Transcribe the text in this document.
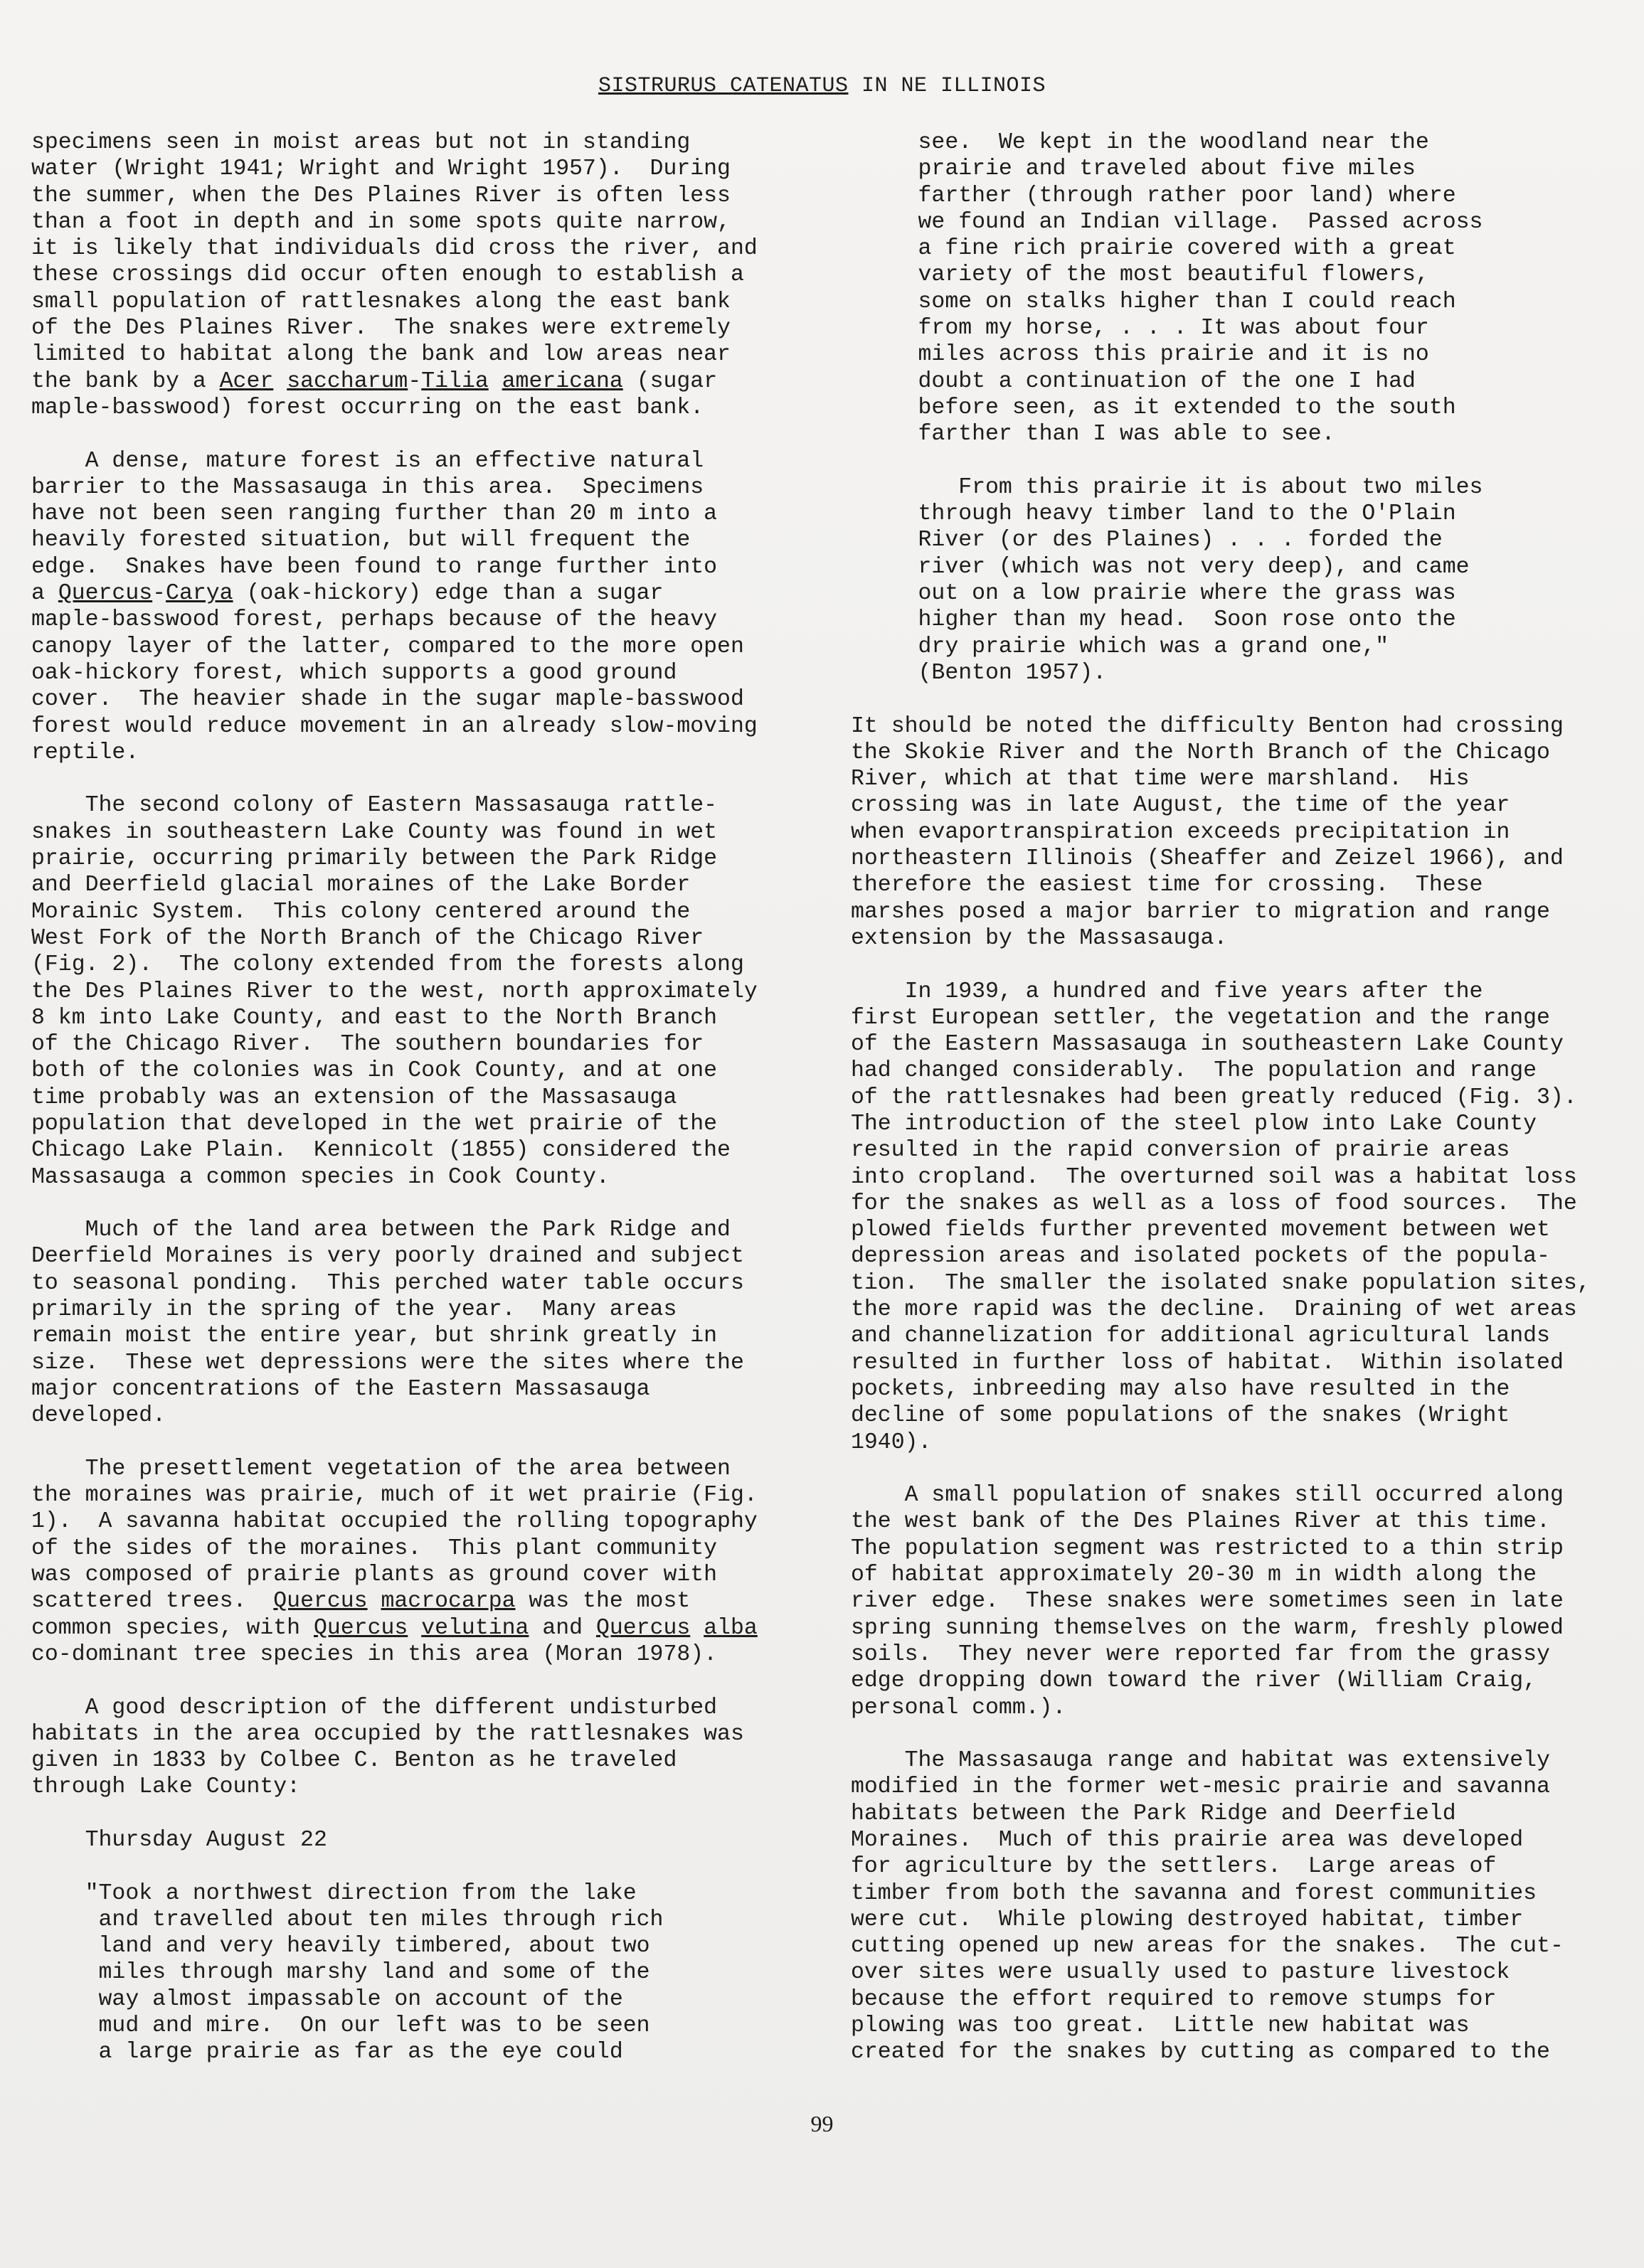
SISTRURUS CATENATUS IN NE ILLINOIS
specimens seen in moist areas but not in standing
water (Wright 1941; Wright and Wright 1957).  During
the summer, when the Des Plaines River is often less
than a foot in depth and in some spots quite narrow,
it is likely that individuals did cross the river, and
these crossings did occur often enough to establish a
small population of rattlesnakes along the east bank
of the Des Plaines River.  The snakes were extremely
limited to habitat along the bank and low areas near
the bank by a Acer saccharum-Tilia americana (sugar
maple-basswood) forest occurring on the east bank.
A dense, mature forest is an effective natural
barrier to the Massasauga in this area.  Specimens
have not been seen ranging further than 20 m into a
heavily forested situation, but will frequent the
edge.  Snakes have been found to range further into
a Quercus-Carya (oak-hickory) edge than a sugar
maple-basswood forest, perhaps because of the heavy
canopy layer of the latter, compared to the more open
oak-hickory forest, which supports a good ground
cover.  The heavier shade in the sugar maple-basswood
forest would reduce movement in an already slow-moving
reptile.
The second colony of Eastern Massasauga rattle-
snakes in southeastern Lake County was found in wet
prairie, occurring primarily between the Park Ridge
and Deerfield glacial moraines of the Lake Border
Morainic System.  This colony centered around the
West Fork of the North Branch of the Chicago River
(Fig. 2).  The colony extended from the forests along
the Des Plaines River to the west, north approximately
8 km into Lake County, and east to the North Branch
of the Chicago River.  The southern boundaries for
both of the colonies was in Cook County, and at one
time probably was an extension of the Massasauga
population that developed in the wet prairie of the
Chicago Lake Plain.  Kennicolt (1855) considered the
Massasauga a common species in Cook County.
Much of the land area between the Park Ridge and
Deerfield Moraines is very poorly drained and subject
to seasonal ponding.  This perched water table occurs
primarily in the spring of the year.  Many areas
remain moist the entire year, but shrink greatly in
size.  These wet depressions were the sites where the
major concentrations of the Eastern Massasauga
developed.
The presettlement vegetation of the area between
the moraines was prairie, much of it wet prairie (Fig.
1).  A savanna habitat occupied the rolling topography
of the sides of the moraines.  This plant community
was composed of prairie plants as ground cover with
scattered trees.  Quercus macrocarpa was the most
common species, with Quercus velutina and Quercus alba
co-dominant tree species in this area (Moran 1978).
A good description of the different undisturbed
habitats in the area occupied by the rattlesnakes was
given in 1833 by Colbee C. Benton as he traveled
through Lake County:
Thursday August 22
"Took a northwest direction from the lake
and travelled about ten miles through rich
land and very heavily timbered, about two
miles through marshy land and some of the
way almost impassable on account of the
mud and mire.  On our left was to be seen
a large prairie as far as the eye could
see.  We kept in the woodland near the
prairie and traveled about five miles
farther (through rather poor land) where
we found an Indian village.  Passed across
a fine rich prairie covered with a great
variety of the most beautiful flowers,
some on stalks higher than I could reach
from my horse, . . . It was about four
miles across this prairie and it is no
doubt a continuation of the one I had
before seen, as it extended to the south
farther than I was able to see.
From this prairie it is about two miles
through heavy timber land to the O'Plain
River (or des Plaines) . . . forded the
river (which was not very deep), and came
out on a low prairie where the grass was
higher than my head.  Soon rose onto the
dry prairie which was a grand one,"
(Benton 1957).
It should be noted the difficulty Benton had crossing
the Skokie River and the North Branch of the Chicago
River, which at that time were marshland.  His
crossing was in late August, the time of the year
when evaportranspiration exceeds precipitation in
northeastern Illinois (Sheaffer and Zeizel 1966), and
therefore the easiest time for crossing.  These
marshes posed a major barrier to migration and range
extension by the Massasauga.
In 1939, a hundred and five years after the
first European settler, the vegetation and the range
of the Eastern Massasauga in southeastern Lake County
had changed considerably.  The population and range
of the rattlesnakes had been greatly reduced (Fig. 3).
The introduction of the steel plow into Lake County
resulted in the rapid conversion of prairie areas
into cropland.  The overturned soil was a habitat loss
for the snakes as well as a loss of food sources.  The
plowed fields further prevented movement between wet
depression areas and isolated pockets of the popula-
tion.  The smaller the isolated snake population sites,
the more rapid was the decline.  Draining of wet areas
and channelization for additional agricultural lands
resulted in further loss of habitat.  Within isolated
pockets, inbreeding may also have resulted in the
decline of some populations of the snakes (Wright
1940).
A small population of snakes still occurred along
the west bank of the Des Plaines River at this time.
The population segment was restricted to a thin strip
of habitat approximately 20-30 m in width along the
river edge.  These snakes were sometimes seen in late
spring sunning themselves on the warm, freshly plowed
soils.  They never were reported far from the grassy
edge dropping down toward the river (William Craig,
personal comm.).
The Massasauga range and habitat was extensively
modified in the former wet-mesic prairie and savanna
habitats between the Park Ridge and Deerfield
Moraines.  Much of this prairie area was developed
for agriculture by the settlers.  Large areas of
timber from both the savanna and forest communities
were cut.  While plowing destroyed habitat, timber
cutting opened up new areas for the snakes.  The cut-
over sites were usually used to pasture livestock
because the effort required to remove stumps for
plowing was too great.  Little new habitat was
created for the snakes by cutting as compared to the
99
